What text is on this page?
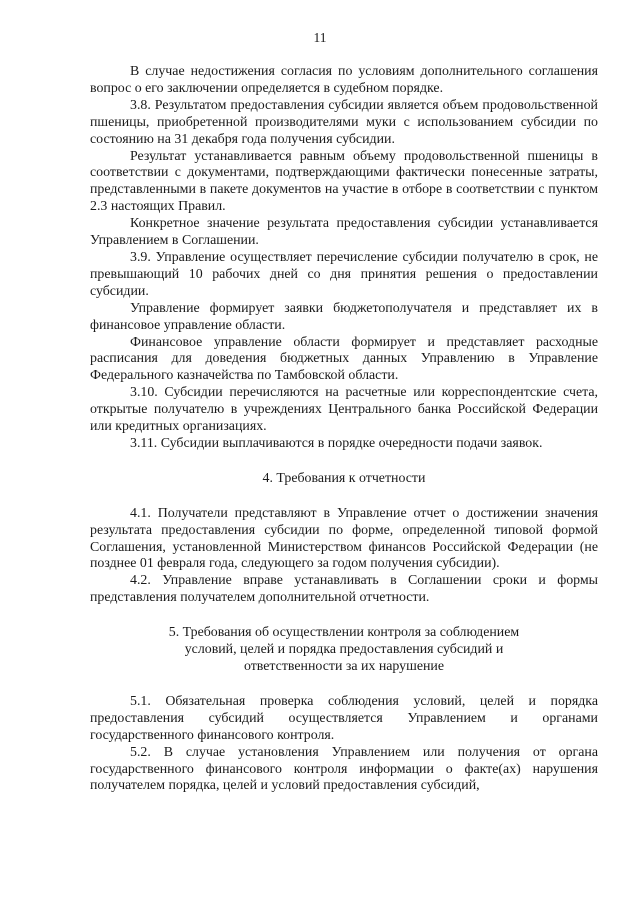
11

В случае недостижения согласия по условиям дополнительного соглашения вопрос о его заключении определяется в судебном порядке.

3.8. Результатом предоставления субсидии является объем продовольственной пшеницы, приобретенной производителями муки с использованием субсидии по состоянию на 31 декабря года получения субсидии.

Результат устанавливается равным объему продовольственной пшеницы в соответствии с документами, подтверждающими фактически понесенные затраты, представленными в пакете документов на участие в отборе в соответствии с пунктом 2.3 настоящих Правил.

Конкретное значение результата предоставления субсидии устанавливается Управлением в Соглашении.

3.9. Управление осуществляет перечисление субсидии получателю в срок, не превышающий 10 рабочих дней со дня принятия решения о предоставлении субсидии.

Управление формирует заявки бюджетополучателя и представляет их в финансовое управление области.

Финансовое управление области формирует и представляет расходные расписания для доведения бюджетных данных Управлению в Управление Федерального казначейства по Тамбовской области.

3.10. Субсидии перечисляются на расчетные или корреспондентские счета, открытые получателю в учреждениях Центрального банка Российской Федерации или кредитных организациях.

3.11. Субсидии выплачиваются в порядке очередности подачи заявок.

4. Требования к отчетности

4.1. Получатели представляют в Управление отчет о достижении значения результата предоставления субсидии по форме, определенной типовой формой Соглашения, установленной Министерством финансов Российской Федерации (не позднее 01 февраля года, следующего за годом получения субсидии).

4.2. Управление вправе устанавливать в Соглашении сроки и формы представления получателем дополнительной отчетности.

5. Требования об осуществлении контроля за соблюдением
условий, целей и порядка предоставления субсидий и
ответственности за их нарушение

5.1. Обязательная проверка соблюдения условий, целей и порядка предоставления субсидий осуществляется Управлением и органами государственного финансового контроля.

5.2. В случае установления Управлением или получения от органа государственного финансового контроля информации о факте(ах) нарушения получателем порядка, целей и условий предоставления субсидий,
